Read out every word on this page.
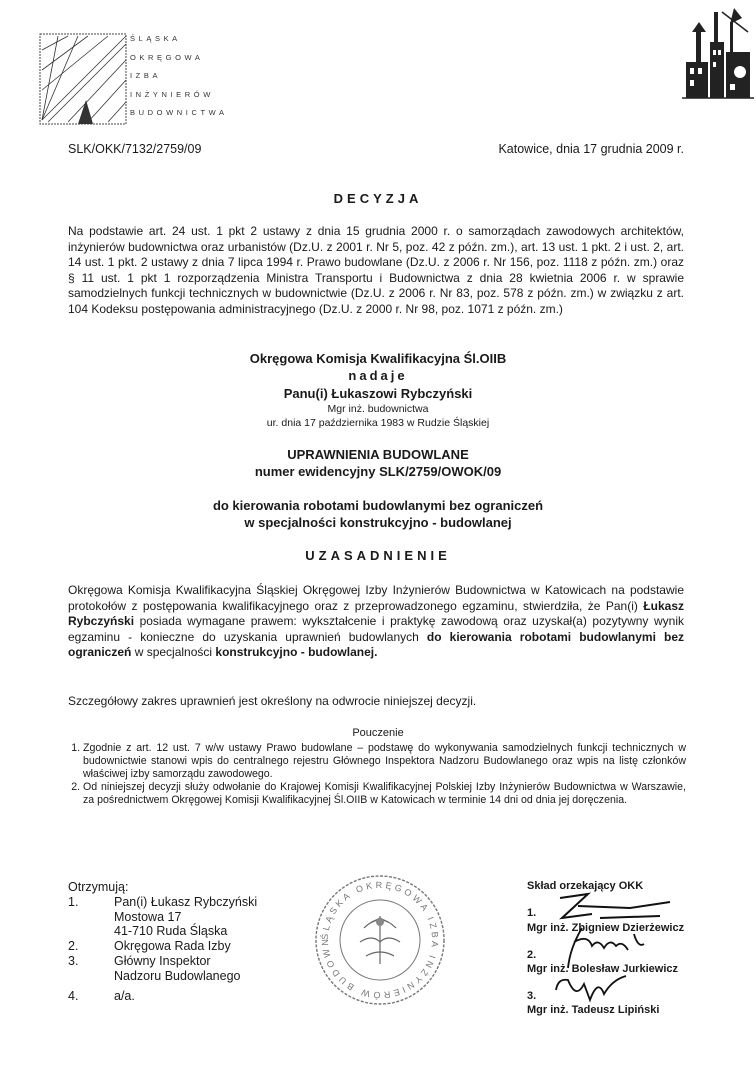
ŚLĄSKA
OKRĘGOWA
IZBA
INŻYNIERÓW
BUDOWNICTWA
SLK/OKK/7132/2759/09	Katowice, dnia 17 grudnia 2009 r.
DECYZJA
Na podstawie art. 24 ust. 1 pkt 2 ustawy z dnia 15 grudnia 2000 r. o samorządach zawodowych architektów, inżynierów budownictwa oraz urbanistów (Dz.U. z 2001 r. Nr 5, poz. 42 z późn. zm.), art. 13 ust. 1 pkt. 2 i ust. 2, art. 14 ust. 1 pkt. 2 ustawy z dnia 7 lipca 1994 r. Prawo budowlane (Dz.U. z 2006 r. Nr 156, poz. 1118 z późn. zm.) oraz § 11 ust. 1 pkt 1 rozporządzenia Ministra Transportu i Budownictwa z dnia 28 kwietnia 2006 r. w sprawie samodzielnych funkcji technicznych w budownictwie (Dz.U. z 2006 r. Nr 83, poz. 578 z późn. zm.) w związku z art. 104 Kodeksu postępowania administracyjnego (Dz.U. z 2000 r. Nr 98, poz. 1071 z późn. zm.)
Okręgowa Komisja Kwalifikacyjna Śl.OIIB
nadaje
Panu(i) Łukaszowi Rybczyński
Mgr inż. budownictwa
ur. dnia 17 października 1983 w Rudzie Śląskiej
UPRAWNIENIA BUDOWLANE
numer ewidencyjny SLK/2759/OWOK/09
do kierowania robotami budowlanymi bez ograniczeń
w specjalności konstrukcyjno - budowlanej
UZASADNIENIE
Okręgowa Komisja Kwalifikacyjna Śląskiej Okręgowej Izby Inżynierów Budownictwa w Katowicach na podstawie protokołów z postępowania kwalifikacyjnego oraz z przeprowadzonego egzaminu, stwierdziła, że Pan(i) Łukasz Rybczyński posiada wymagane prawem: wykształcenie i praktykę zawodową oraz uzyskał(a) pozytywny wynik egzaminu - konieczne do uzyskania uprawnień budowlanych do kierowania robotami budowlanymi bez ograniczeń w specjalności konstrukcyjno - budowlanej.
Szczegółowy zakres uprawnień jest określony na odwrocie niniejszej decyzji.
Pouczenie
1. Zgodnie z art. 12 ust. 7 w/w ustawy Prawo budowlane – podstawę do wykonywania samodzielnych funkcji technicznych w budownictwie stanowi wpis do centralnego rejestru Głównego Inspektora Nadzoru Budowlanego oraz wpis na listę członków właściwej izby samorządu zawodowego.
2. Od niniejszej decyzji służy odwołanie do Krajowej Komisji Kwalifikacyjnej Polskiej Izby Inżynierów Budownictwa w Warszawie, za pośrednictwem Okręgowej Komisji Kwalifikacyjnej Śl.OIIB w Katowicach w terminie 14 dni od dnia jej doręczenia.
Otrzymują:
1.	Pan(i) Łukasz Rybczyński
Mostowa 17
41-710 Ruda Śląska
2.	Okręgowa Rada Izby
3.	Główny Inspektor
Nadzoru Budowlanego
4.	a/a.
ŚLĄSKA OKRĘGOWA IZBA INŻYNIERÓW BUDOWN
Skład orzekający OKK
1.
Mgr inż. Zbigniew Dzierżewicz
2.
Mgr inż. Bolesław Jurkiewicz
3.
Mgr inż. Tadeusz Lipiński
